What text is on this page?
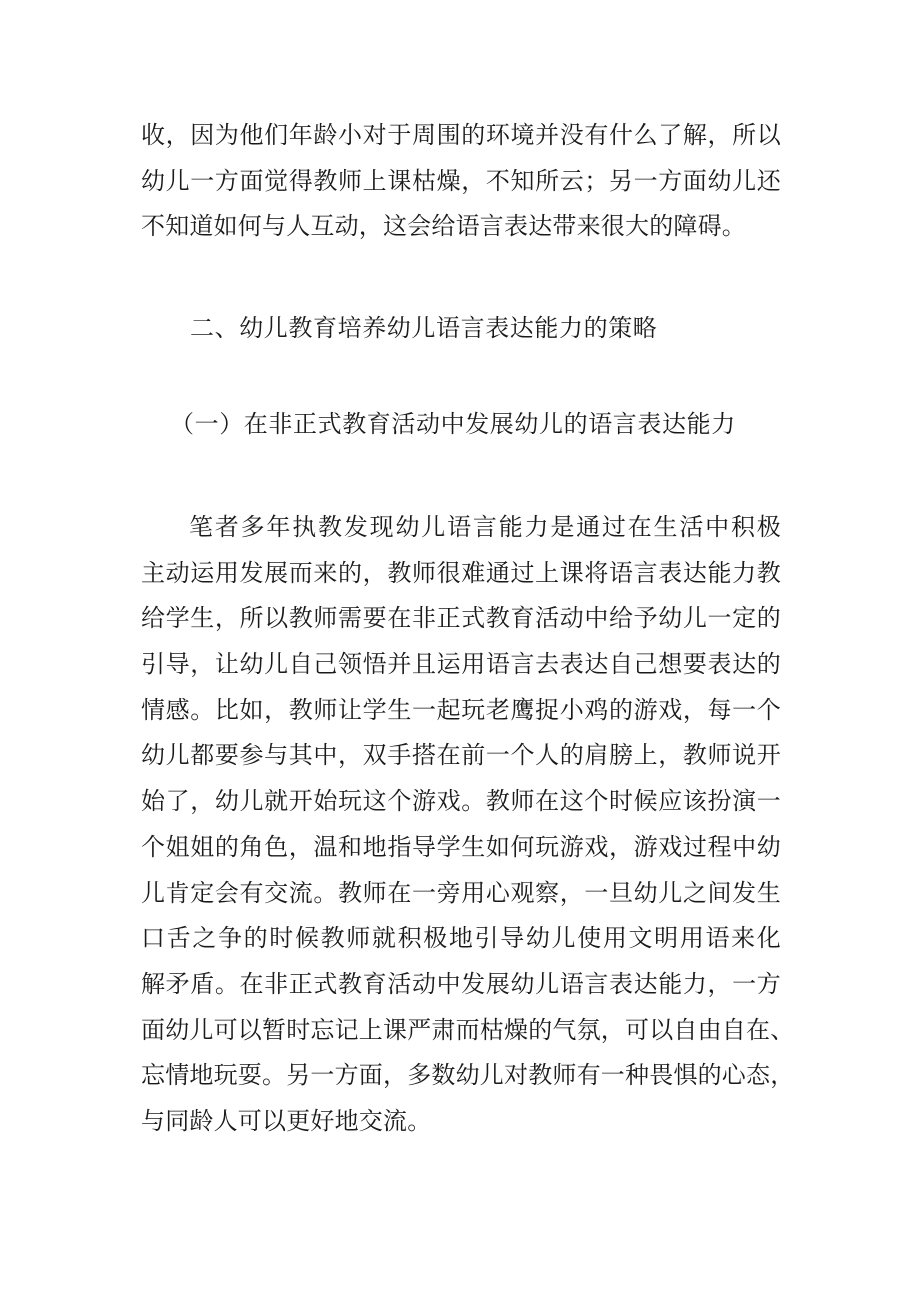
收，因为他们年龄小对于周围的环境并没有什么了解，所以
幼儿一方面觉得教师上课枯燥，不知所云；另一方面幼儿还
不知道如何与人互动，这会给语言表达带来很大的障碍。
二、幼儿教育培养幼儿语言表达能力的策略
（一）在非正式教育活动中发展幼儿的语言表达能力
笔者多年执教发现幼儿语言能力是通过在生活中积极
主动运用发展而来的，教师很难通过上课将语言表达能力教
给学生，所以教师需要在非正式教育活动中给予幼儿一定的
引导，让幼儿自己领悟并且运用语言去表达自己想要表达的
情感。比如，教师让学生一起玩老鹰捉小鸡的游戏，每一个
幼儿都要参与其中，双手搭在前一个人的肩膀上，教师说开
始了，幼儿就开始玩这个游戏。教师在这个时候应该扮演一
个姐姐的角色，温和地指导学生如何玩游戏，游戏过程中幼
儿肯定会有交流。教师在一旁用心观察，一旦幼儿之间发生
口舌之争的时候教师就积极地引导幼儿使用文明用语来化
解矛盾。在非正式教育活动中发展幼儿语言表达能力，一方
面幼儿可以暂时忘记上课严肃而枯燥的气氛，可以自由自在、
忘情地玩耍。另一方面，多数幼儿对教师有一种畏惧的心态，
与同龄人可以更好地交流。
